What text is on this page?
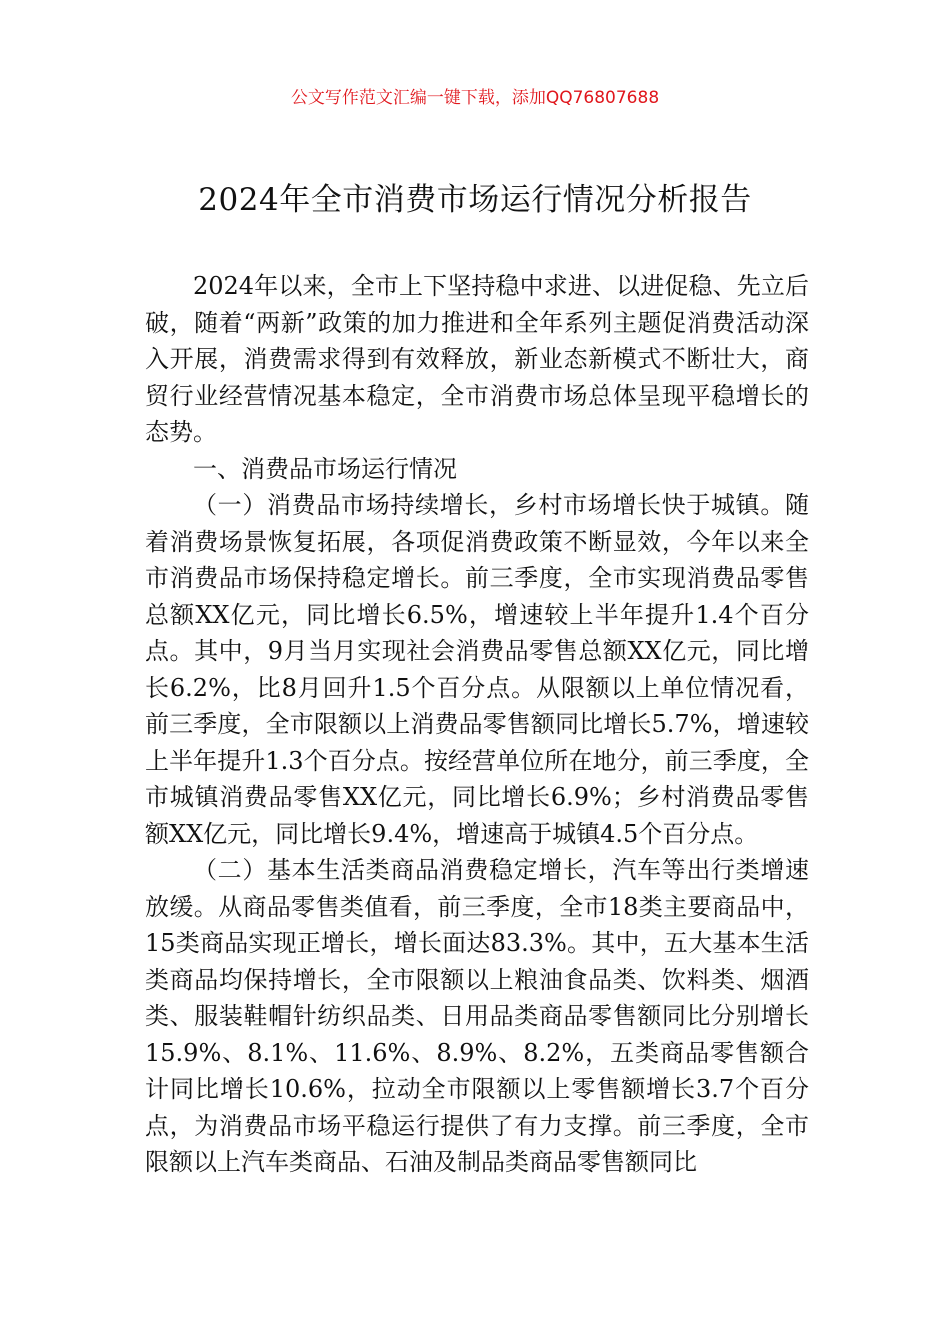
公文写作范文汇编一键下载，添加QQ76807688
2024年全市消费市场运行情况分析报告

2024年以来，全市上下坚持稳中求进、以进促稳、先立后破，随着“两新”政策的加力推进和全年系列主题促消费活动深入开展，消费需求得到有效释放，新业态新模式不断壮大，商贸行业经营情况基本稳定，全市消费市场总体呈现平稳增长的态势。

一、消费品市场运行情况

（一）消费品市场持续增长，乡村市场增长快于城镇。随着消费场景恢复拓展，各项促消费政策不断显效，今年以来全市消费品市场保持稳定增长。前三季度，全市实现消费品零售总额XX亿元，同比增长6.5%，增速较上半年提升1.4个百分点。其中，9月当月实现社会消费品零售总额XX亿元，同比增长6.2%，比8月回升1.5个百分点。从限额以上单位情况看，前三季度，全市限额以上消费品零售额同比增长5.7%，增速较上半年提升1.3个百分点。按经营单位所在地分，前三季度，全市城镇消费品零售XX亿元，同比增长6.9%；乡村消费品零售额XX亿元，同比增长9.4%，增速高于城镇4.5个百分点。

（二）基本生活类商品消费稳定增长，汽车等出行类增速放缓。从商品零售类值看，前三季度，全市18类主要商品中，15类商品实现正增长，增长面达83.3%。其中，五大基本生活类商品均保持增长，全市限额以上粮油食品类、饮料类、烟酒类、服装鞋帽针纺织品类、日用品类商品零售额同比分别增长15.9%、8.1%、11.6%、8.9%、8.2%，五类商品零售额合计同比增长10.6%，拉动全市限额以上零售额增长3.7个百分点，为消费品市场平稳运行提供了有力支撑。前三季度，全市限额以上汽车类商品、石油及制品类商品零售额同比
